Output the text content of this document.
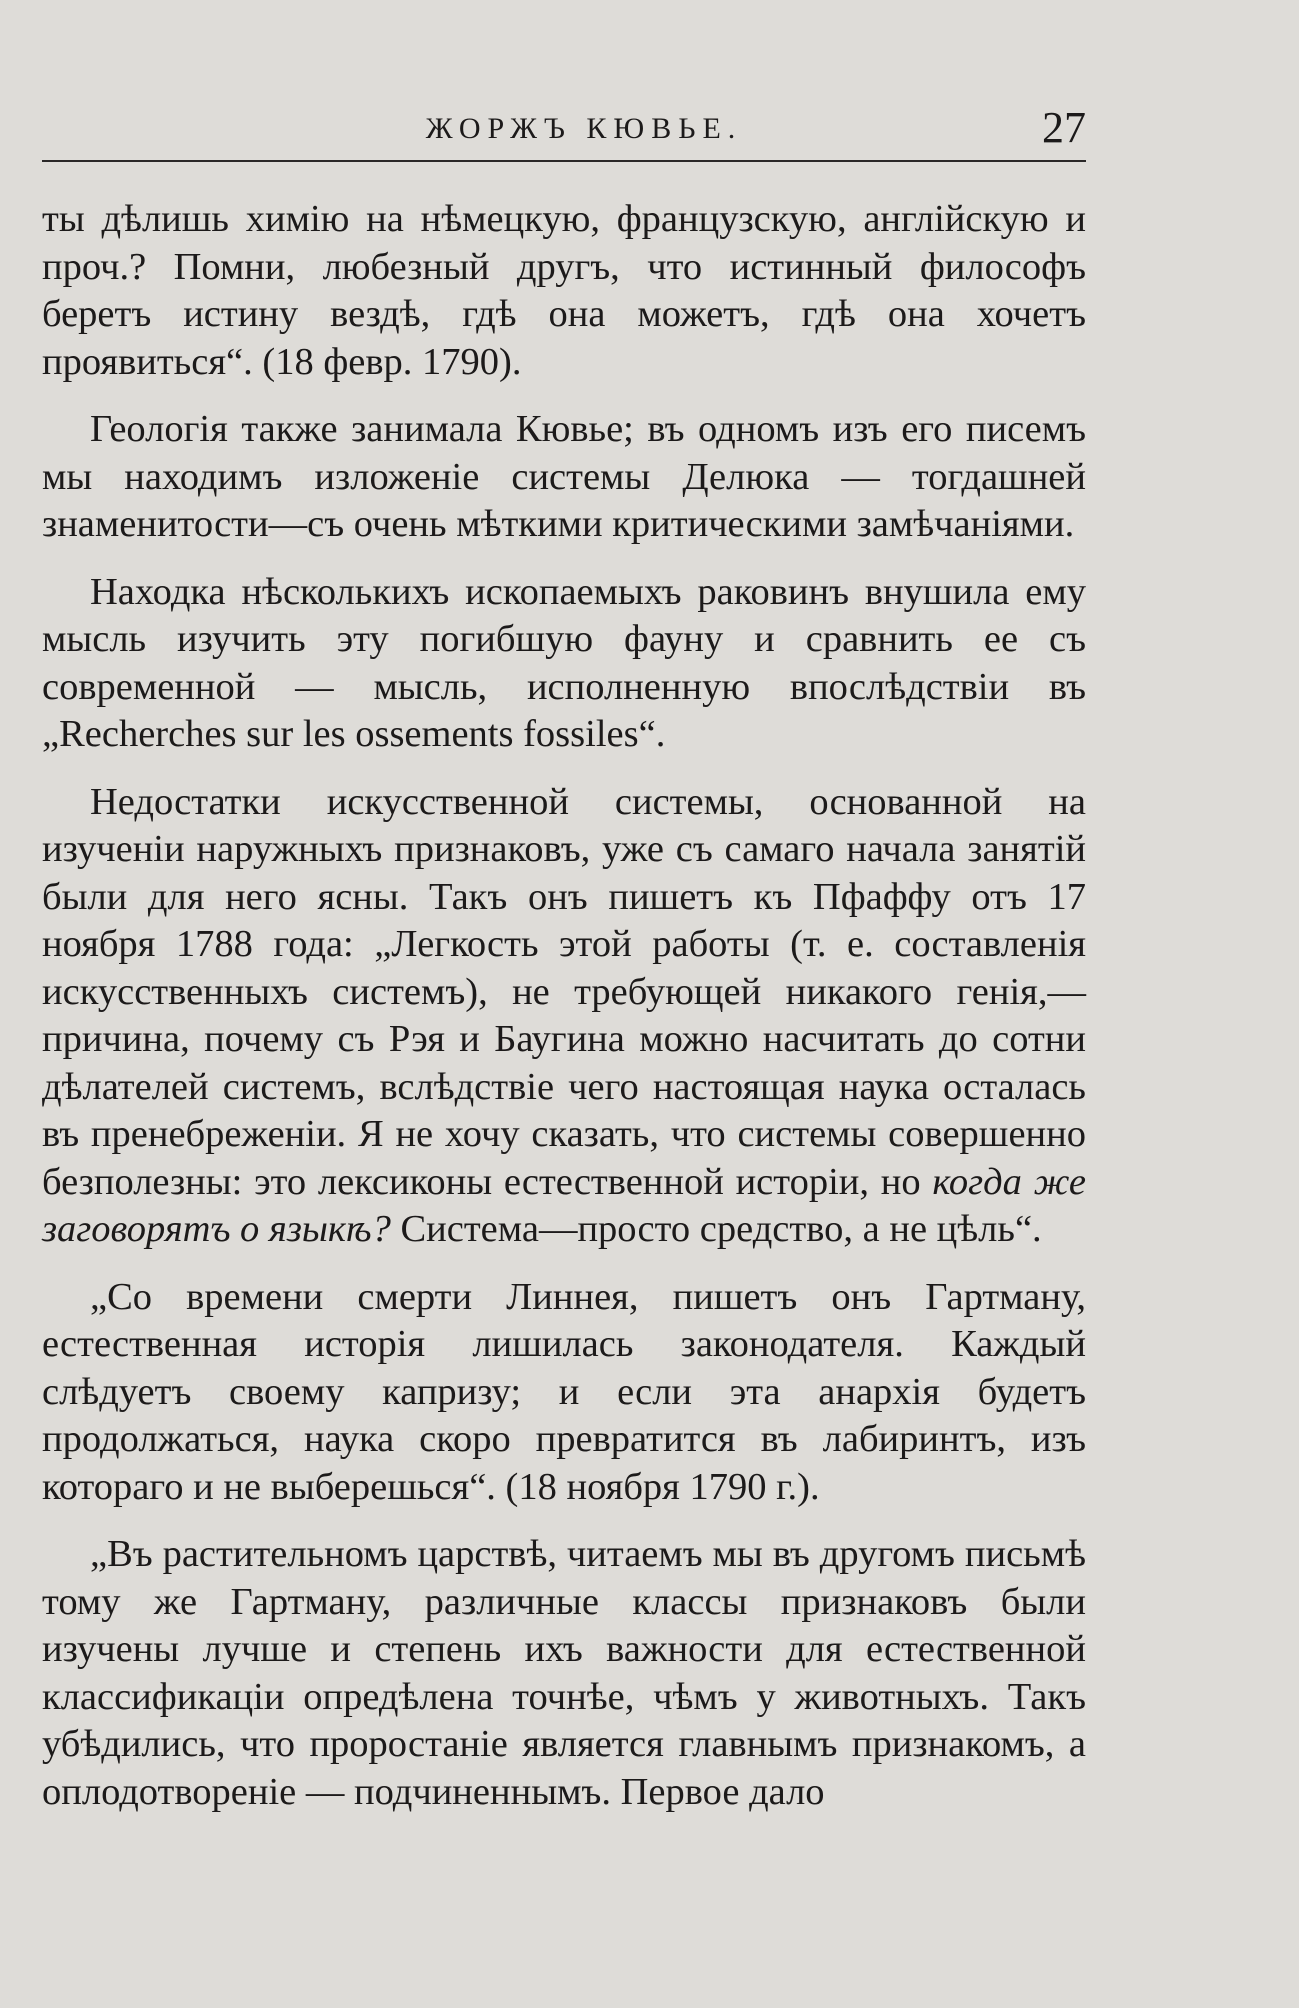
ЖОРЖЪ КЮВЬЕ.	27

ты дѣлишь химію на нѣмецкую, французскую, англійскую и проч.? Помни, любезный другъ, что истинный философъ беретъ истину вездѣ, гдѣ она можетъ, гдѣ она хочетъ проявиться“. (18 февр. 1790).

Геологія также занимала Кювье; въ одномъ изъ его писемъ мы находимъ изложеніе системы Делюка — тогдашней знаменитости—съ очень мѣткими критическими замѣчаніями.

Находка нѣсколькихъ ископаемыхъ раковинъ внушила ему мысль изучить эту погибшую фауну и сравнить ее съ современной — мысль, исполненную впослѣдствіи въ „Recherches sur les ossements fossiles“.

Недостатки искусственной системы, основанной на изученіи наружныхъ признаковъ, уже съ самаго начала занятій были для него ясны. Такъ онъ пишетъ къ Пфаффу отъ 17 ноября 1788 года: „Легкость этой работы (т. е. составленія искусственныхъ системъ), не требующей никакого генія,—причина, почему съ Рэя и Баугина можно насчитать до сотни дѣлателей системъ, вслѣдствіе чего настоящая наука осталась въ пренебреженіи. Я не хочу сказать, что системы совершенно безполезны: это лексиконы естественной исторіи, но когда же заговорятъ о языкѣ? Система—просто средство, а не цѣль“.

„Со времени смерти Линнея, пишетъ онъ Гартману, естественная исторія лишилась законодателя. Каждый слѣдуетъ своему капризу; и если эта анархія будетъ продолжаться, наука скоро превратится въ лабиринтъ, изъ котораго и не выберешься“. (18 ноября 1790 г.).

„Въ растительномъ царствѣ, читаемъ мы въ другомъ письмѣ тому же Гартману, различные классы признаковъ были изучены лучше и степень ихъ важности для естественной классификаціи опредѣлена точнѣе, чѣмъ у животныхъ. Такъ убѣдились, что проростаніе является главнымъ признакомъ, а оплодотвореніе — подчиненнымъ. Первое дало
